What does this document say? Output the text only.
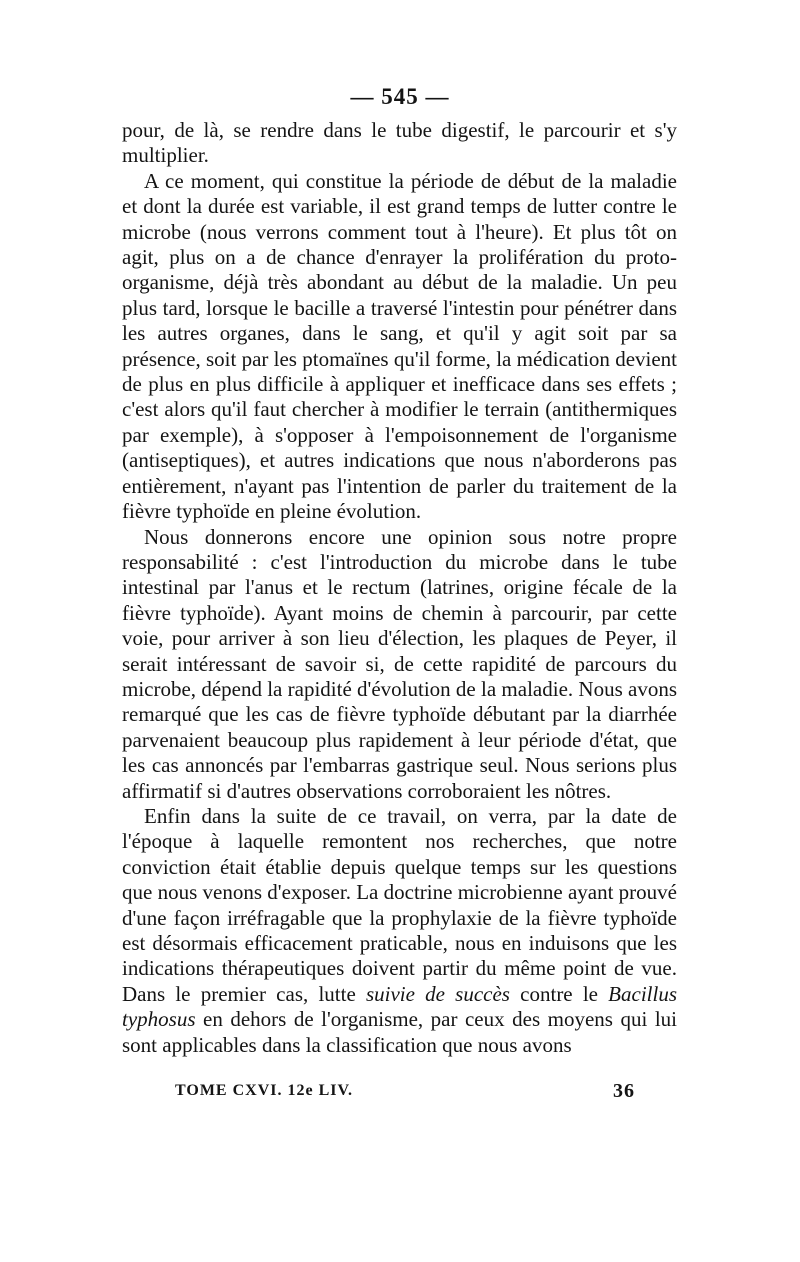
— 545 —

pour, de là, se rendre dans le tube digestif, le parcourir et s'y multiplier.

A ce moment, qui constitue la période de début de la maladie et dont la durée est variable, il est grand temps de lutter contre le microbe (nous verrons comment tout à l'heure). Et plus tôt on agit, plus on a de chance d'enrayer la prolifération du proto-organisme, déjà très abondant au début de la maladie. Un peu plus tard, lorsque le bacille a traversé l'intestin pour pénétrer dans les autres organes, dans le sang, et qu'il y agit soit par sa présence, soit par les ptomaïnes qu'il forme, la médication devient de plus en plus difficile à appliquer et inefficace dans ses effets ; c'est alors qu'il faut chercher à modifier le terrain (antithermiques par exemple), à s'opposer à l'empoisonnement de l'organisme (antiseptiques), et autres indications que nous n'aborderons pas entièrement, n'ayant pas l'intention de parler du traitement de la fièvre typhoïde en pleine évolution.

Nous donnerons encore une opinion sous notre propre responsabilité : c'est l'introduction du microbe dans le tube intestinal par l'anus et le rectum (latrines, origine fécale de la fièvre typhoïde). Ayant moins de chemin à parcourir, par cette voie, pour arriver à son lieu d'élection, les plaques de Peyer, il serait intéressant de savoir si, de cette rapidité de parcours du microbe, dépend la rapidité d'évolution de la maladie. Nous avons remarqué que les cas de fièvre typhoïde débutant par la diarrhée parvenaient beaucoup plus rapidement à leur période d'état, que les cas annoncés par l'embarras gastrique seul. Nous serions plus affirmatif si d'autres observations corroboraient les nôtres.

Enfin dans la suite de ce travail, on verra, par la date de l'époque à laquelle remontent nos recherches, que notre conviction était établie depuis quelque temps sur les questions que nous venons d'exposer. La doctrine microbienne ayant prouvé d'une façon irréfragable que la prophylaxie de la fièvre typhoïde est désormais efficacement praticable, nous en induisons que les indications thérapeutiques doivent partir du même point de vue. Dans le premier cas, lutte suivie de succès contre le Bacillus typhosus en dehors de l'organisme, par ceux des moyens qui lui sont applicables dans la classification que nous avons

TOME CXVI. 12e LIV.	36
